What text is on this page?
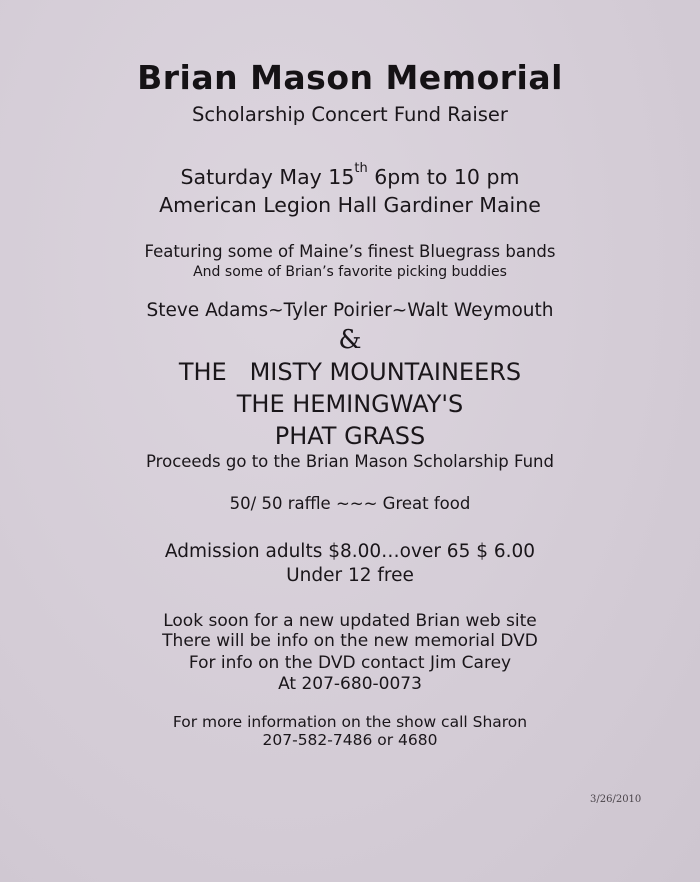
Brian Mason Memorial
Scholarship Concert Fund Raiser
Saturday May 15th 6pm to 10 pm
American Legion Hall Gardiner Maine
Featuring some of Maine’s finest Bluegrass bands
And some of Brian’s favorite picking buddies
Steve Adams~Tyler Poirier~Walt Weymouth
&
THE   MISTY MOUNTAINEERS
THE HEMINGWAY'S
PHAT GRASS
Proceeds go to the Brian Mason Scholarship Fund
50/ 50 raffle ~~~ Great food
Admission adults $8.00…over 65 $ 6.00
Under 12 free
Look soon for a new updated Brian web site
There will be info on the new memorial DVD
For info on the DVD contact Jim Carey
At 207-680-0073
For more information on the show call Sharon
207-582-7486 or 4680
3/26/2010
